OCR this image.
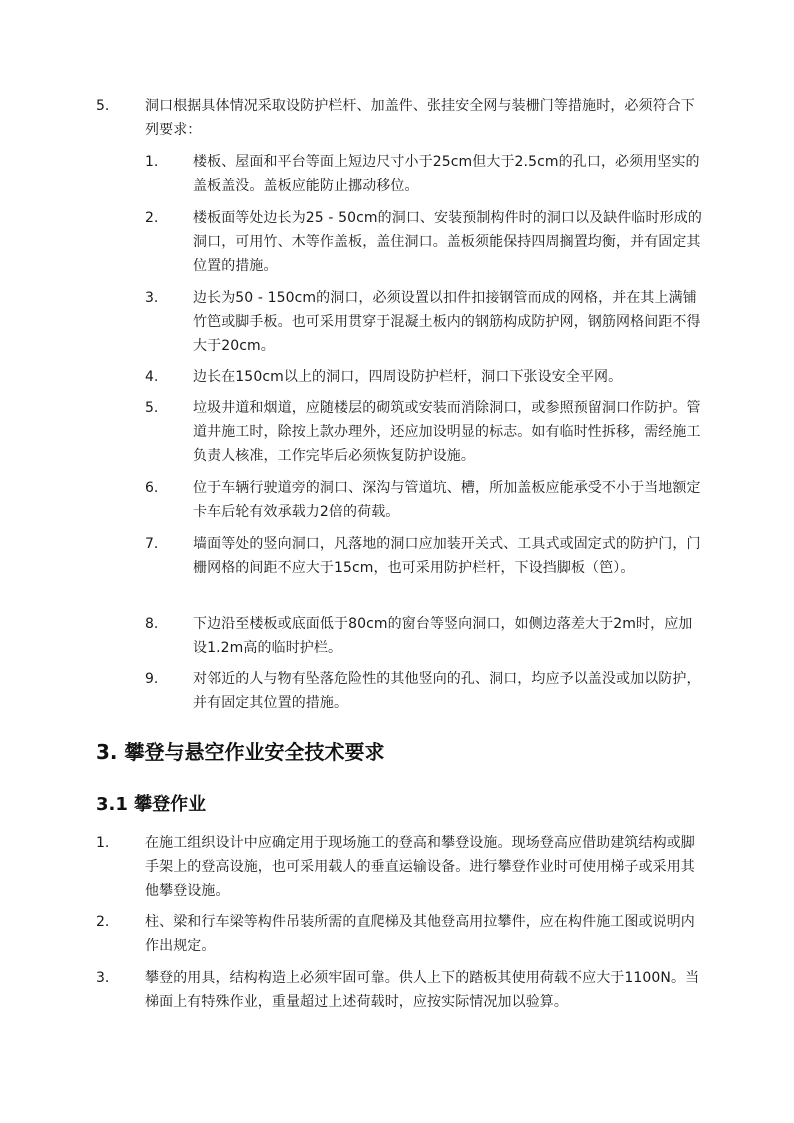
5.	洞口根据具体情况采取设防护栏杆、加盖件、张挂安全网与装栅门等措施时，必须符合下列要求：
1. 楼板、屋面和平台等面上短边尺寸小于25cm但大于2.5cm的孔口，必须用坚实的盖板盖没。盖板应能防止挪动移位。
2. 楼板面等处边长为25 - 50cm的洞口、安装预制构件时的洞口以及缺件临时形成的洞口，可用竹、木等作盖板，盖住洞口。盖板须能保持四周搁置均衡，并有固定其位置的措施。
3. 边长为50 - 150cm的洞口，必须设置以扣件扣接钢管而成的网格，并在其上满铺竹笆或脚手板。也可采用贯穿于混凝土板内的钢筋构成防护网，钢筋网格间距不得大于20cm。
4. 边长在150cm以上的洞口，四周设防护栏杆，洞口下张设安全平网。
5. 垃圾井道和烟道，应随楼层的砌筑或安装而消除洞口，或参照预留洞口作防护。管道井施工时，除按上款办理外，还应加设明显的标志。如有临时性拆移，需经施工负责人核准，工作完毕后必须恢复防护设施。
6. 位于车辆行驶道旁的洞口、深沟与管道坑、槽，所加盖板应能承受不小于当地额定卡车后轮有效承载力2倍的荷载。
7. 墙面等处的竖向洞口，凡落地的洞口应加装开关式、工具式或固定式的防护门，门栅网格的间距不应大于15cm，也可采用防护栏杆，下设挡脚板（笆）。
8. 下边沿至楼板或底面低于80cm的窗台等竖向洞口，如侧边落差大于2m时，应加设1.2m高的临时护栏。
9. 对邻近的人与物有坠落危险性的其他竖向的孔、洞口，均应予以盖没或加以防护，并有固定其位置的措施。
3. 攀登与悬空作业安全技术要求
3.1 攀登作业
1.	在施工组织设计中应确定用于现场施工的登高和攀登设施。现场登高应借助建筑结构或脚手架上的登高设施，也可采用载人的垂直运输设备。进行攀登作业时可使用梯子或采用其他攀登设施。
2.	柱、梁和行车梁等构件吊装所需的直爬梯及其他登高用拉攀件，应在构件施工图或说明内作出规定。
3.	攀登的用具，结构构造上必须牢固可靠。供人上下的踏板其使用荷载不应大于1100N。当梯面上有特殊作业，重量超过上述荷载时，应按实际情况加以验算。
